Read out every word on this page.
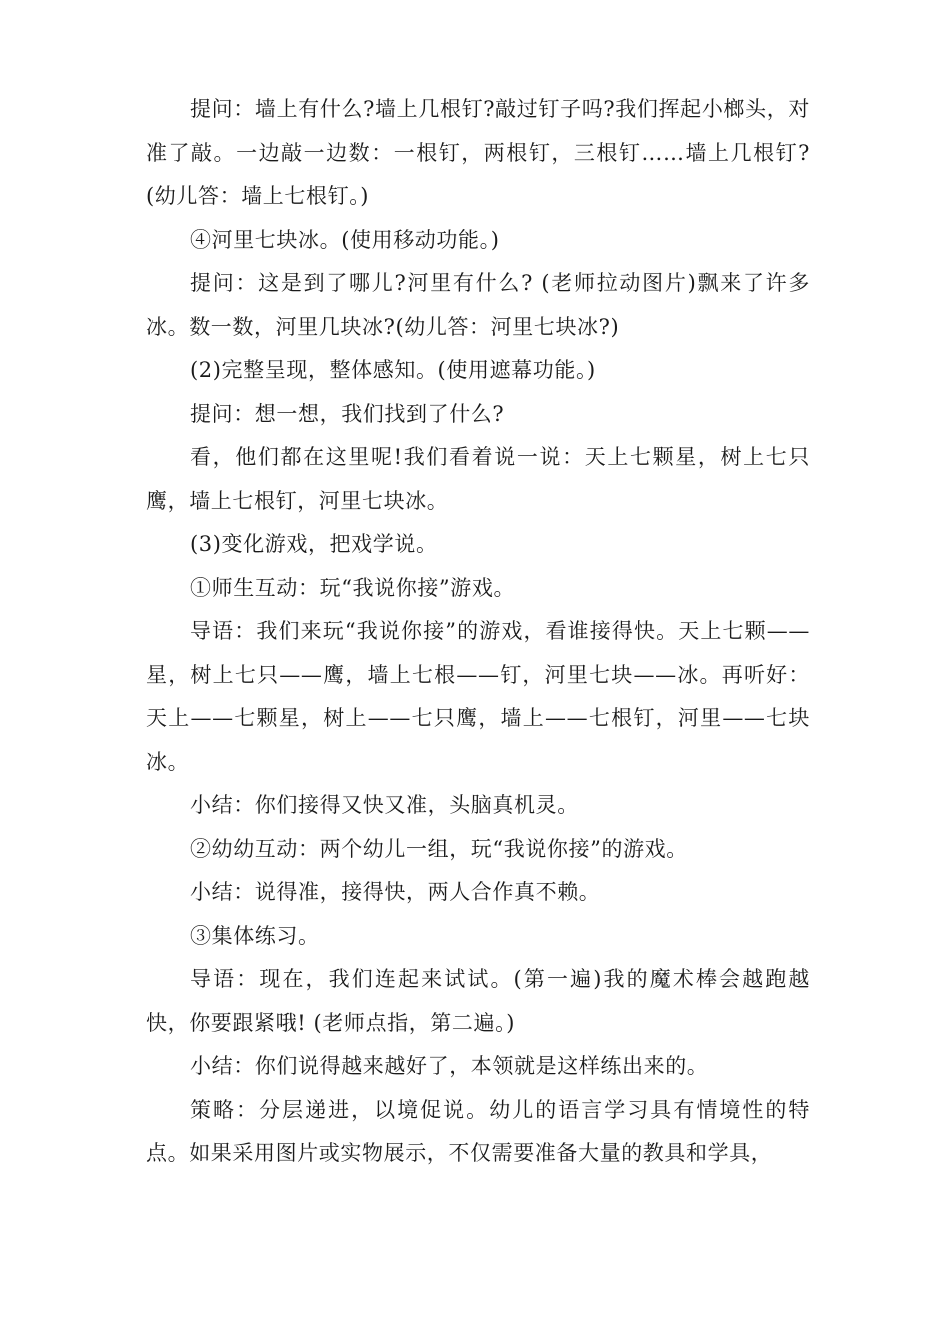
提问：墙上有什么?墙上几根钉?敲过钉子吗?我们挥起小榔头，对准了敲。一边敲一边数：一根钉，两根钉，三根钉……墙上几根钉?(幼儿答：墙上七根钉。)

④河里七块冰。(使用移动功能。)

提问：这是到了哪儿?河里有什么? (老师拉动图片)飘来了许多冰。数一数，河里几块冰?(幼儿答：河里七块冰?)

(2)完整呈现，整体感知。(使用遮幕功能。)

提问：想一想，我们找到了什么?

看，他们都在这里呢!我们看着说一说：天上七颗星，树上七只鹰，墙上七根钉，河里七块冰。

(3)变化游戏，把戏学说。

①师生互动：玩“我说你接”游戏。

导语：我们来玩“我说你接”的游戏，看谁接得快。天上七颗——星，树上七只——鹰，墙上七根——钉，河里七块——冰。再听好：天上——七颗星，树上——七只鹰，墙上——七根钉，河里——七块冰。

小结：你们接得又快又准，头脑真机灵。

②幼幼互动：两个幼儿一组，玩“我说你接”的游戏。

小结：说得准，接得快，两人合作真不赖。

③集体练习。

导语：现在，我们连起来试试。(第一遍)我的魔术棒会越跑越快，你要跟紧哦! (老师点指，第二遍。)

小结：你们说得越来越好了，本领就是这样练出来的。

策略：分层递进，以境促说。幼儿的语言学习具有情境性的特点。如果采用图片或实物展示，不仅需要准备大量的教具和学具，
